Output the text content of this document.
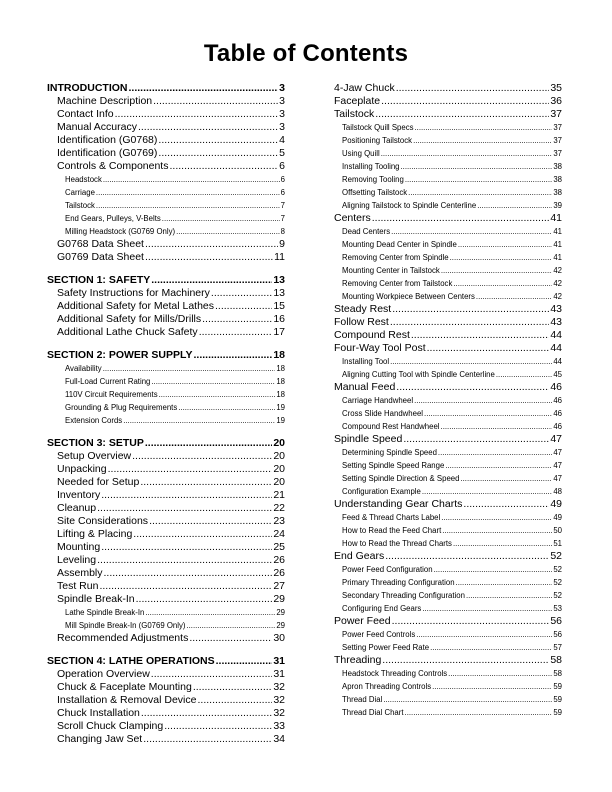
Table of Contents
INTRODUCTION .....	3
Machine Description .....	3
Contact Info .....	3
Manual Accuracy .....	3
Identification (G0768) .....	4
Identification (G0769) .....	5
Controls & Components .....	6
Headstock .....	6
Carriage .....	6
Tailstock .....	7
End Gears, Pulleys, V-Belts .....	7
Milling Headstock (G0769 Only) .....	8
G0768 Data Sheet .....	9
G0769 Data Sheet .....	11
SECTION 1: SAFETY .....	13
Safety Instructions for Machinery .....	13
Additional Safety for Metal Lathes .....	15
Additional Safety for Mills/Drills .....	16
Additional Lathe Chuck Safety .....	17
SECTION 2: POWER SUPPLY .....	18
Availability .....	18
Full-Load Current Rating .....	18
110V Circuit Requirements .....	18
Grounding & Plug Requirements .....	19
Extension Cords .....	19
SECTION 3: SETUP .....	20
Setup Overview .....	20
Unpacking .....	20
Needed for Setup .....	20
Inventory .....	21
Cleanup .....	22
Site Considerations .....	23
Lifting & Placing .....	24
Mounting .....	25
Leveling .....	26
Assembly .....	26
Test Run .....	27
Spindle Break-In .....	29
Lathe Spindle Break-In .....	29
Mill Spindle Break-In (G0769 Only) .....	29
Recommended Adjustments .....	30
SECTION 4: LATHE OPERATIONS .....	31
Operation Overview .....	31
Chuck & Faceplate Mounting .....	32
Installation & Removal Device .....	32
Chuck Installation .....	32
Scroll Chuck Clamping .....	33
Changing Jaw Set .....	34
4-Jaw Chuck .....	35
Faceplate .....	36
Tailstock .....	37
Tailstock Quill Specs .....	37
Positioning Tailstock .....	37
Using Quill .....	37
Installing Tooling .....	38
Removing Tooling .....	38
Offsetting Tailstock .....	38
Aligning Tailstock to Spindle Centerline .....	39
Centers .....	41
Dead Centers .....	41
Mounting Dead Center in Spindle .....	41
Removing Center from Spindle .....	41
Mounting Center in Tailstock .....	42
Removing Center from Tailstock .....	42
Mounting Workpiece Between Centers .....	42
Steady Rest .....	43
Follow Rest .....	43
Compound Rest .....	44
Four-Way Tool Post .....	44
Installing Tool .....	44
Aligning Cutting Tool with Spindle Centerline .....	45
Manual Feed .....	46
Carriage Handwheel .....	46
Cross Slide Handwheel .....	46
Compound Rest Handwheel .....	46
Spindle Speed .....	47
Determining Spindle Speed .....	47
Setting Spindle Speed Range .....	47
Setting Spindle Direction & Speed .....	47
Configuration Example .....	48
Understanding Gear Charts .....	49
Feed & Thread Charts Label .....	49
How to Read the Feed Chart .....	50
How to Read the Thread Charts .....	51
End Gears .....	52
Power Feed Configuration .....	52
Primary Threading Configuration .....	52
Secondary Threading Configuration .....	52
Configuring End Gears .....	53
Power Feed .....	56
Power Feed Controls .....	56
Setting Power Feed Rate .....	57
Threading .....	58
Headstock Threading Controls .....	58
Apron Threading Controls .....	59
Thread Dial .....	59
Thread Dial Chart .....	59
